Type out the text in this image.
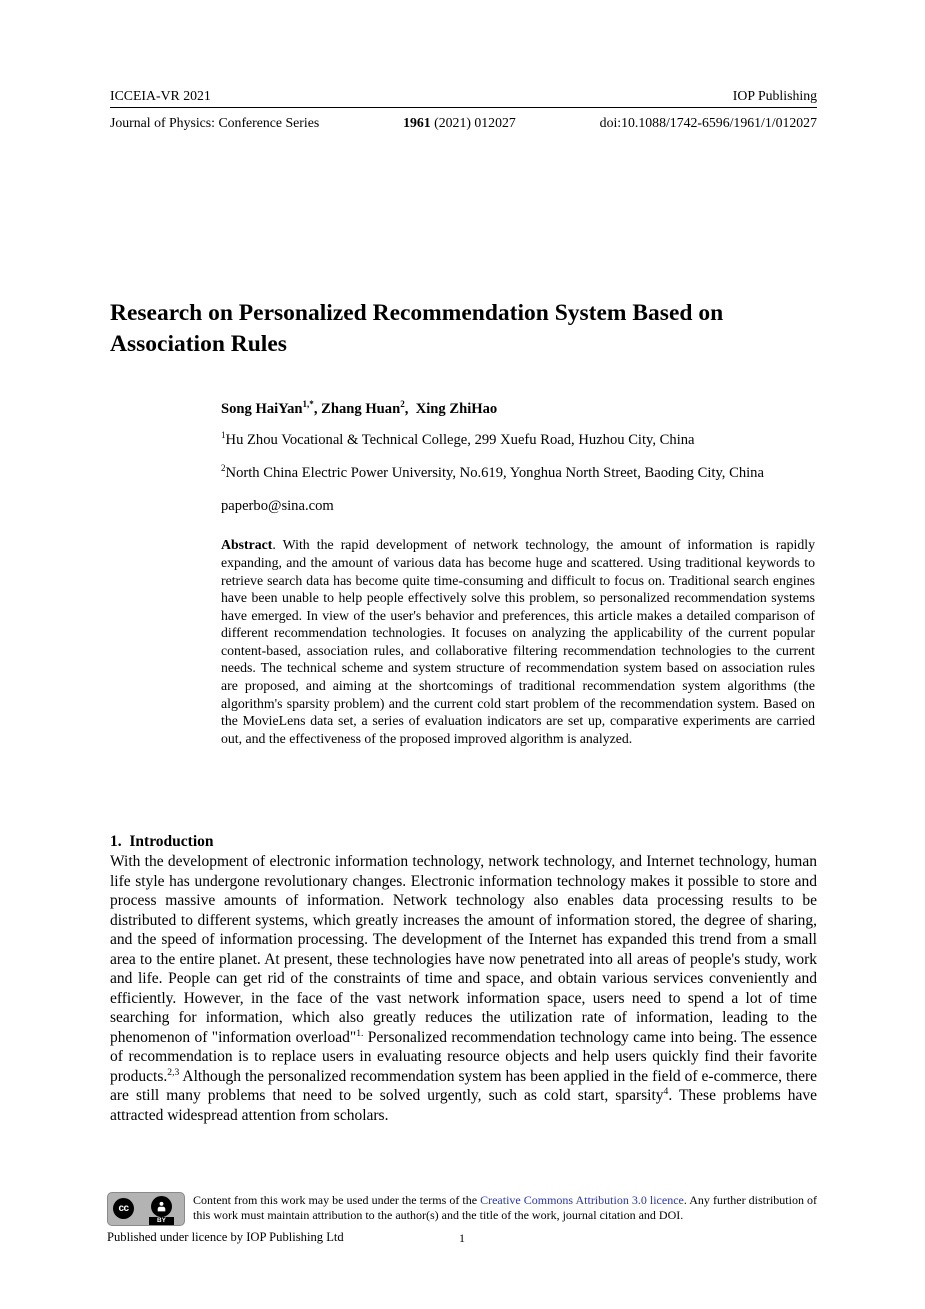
ICCEIA-VR 2021	IOP Publishing
Journal of Physics: Conference Series	1961 (2021) 012027	doi:10.1088/1742-6596/1961/1/012027
Research on Personalized Recommendation System Based on Association Rules

Song HaiYan$^{1,*}$, Zhang Huan$^2$,  Xing ZhiHao

$^1$Hu Zhou Vocational & Technical College, 299 Xuefu Road, Huzhou City, China

$^2$North China Electric Power University, No.619, Yonghua North Street, Baoding City, China

paperbo@sina.com

Abstract. With the rapid development of network technology, the amount of information is rapidly expanding, and the amount of various data has become huge and scattered. Using traditional keywords to retrieve search data has become quite time-consuming and difficult to focus on. Traditional search engines have been unable to help people effectively solve this problem, so personalized recommendation systems have emerged. In view of the user's behavior and preferences, this article makes a detailed comparison of different recommendation technologies. It focuses on analyzing the applicability of the current popular content-based, association rules, and collaborative filtering recommendation technologies to the current needs. The technical scheme and system structure of recommendation system based on association rules are proposed, and aiming at the shortcomings of traditional recommendation system algorithms (the algorithm's sparsity problem) and the current cold start problem of the recommendation system. Based on the MovieLens data set, a series of evaluation indicators are set up, comparative experiments are carried out, and the effectiveness of the proposed improved algorithm is analyzed.

1.  Introduction

With the development of electronic information technology, network technology, and Internet technology, human life style has undergone revolutionary changes. Electronic information technology makes it possible to store and process massive amounts of information. Network technology also enables data processing results to be distributed to different systems, which greatly increases the amount of information stored, the degree of sharing, and the speed of information processing. The development of the Internet has expanded this trend from a small area to the entire planet. At present, these technologies have now penetrated into all areas of people's study, work and life. People can get rid of the constraints of time and space, and obtain various services conveniently and efficiently. However, in the face of the vast network information space, users need to spend a lot of time searching for information, which also greatly reduces the utilization rate of information, leading to the phenomenon of "information overload"$^{1.}$ Personalized recommendation technology came into being. The essence of recommendation is to replace users in evaluating resource objects and help users quickly find their favorite products.$^{2,3}$ Although the personalized recommendation system has been applied in the field of e-commerce, there are still many problems that need to be solved urgently, such as cold start, sparsity$^4$. These problems have attracted widespread attention from scholars.

cc
BY

Content from this work may be used under the terms of the Creative Commons Attribution 3.0 licence. Any further distribution of this work must maintain attribution to the author(s) and the title of the work, journal citation and DOI.

Published under licence by IOP Publishing Ltd	1
